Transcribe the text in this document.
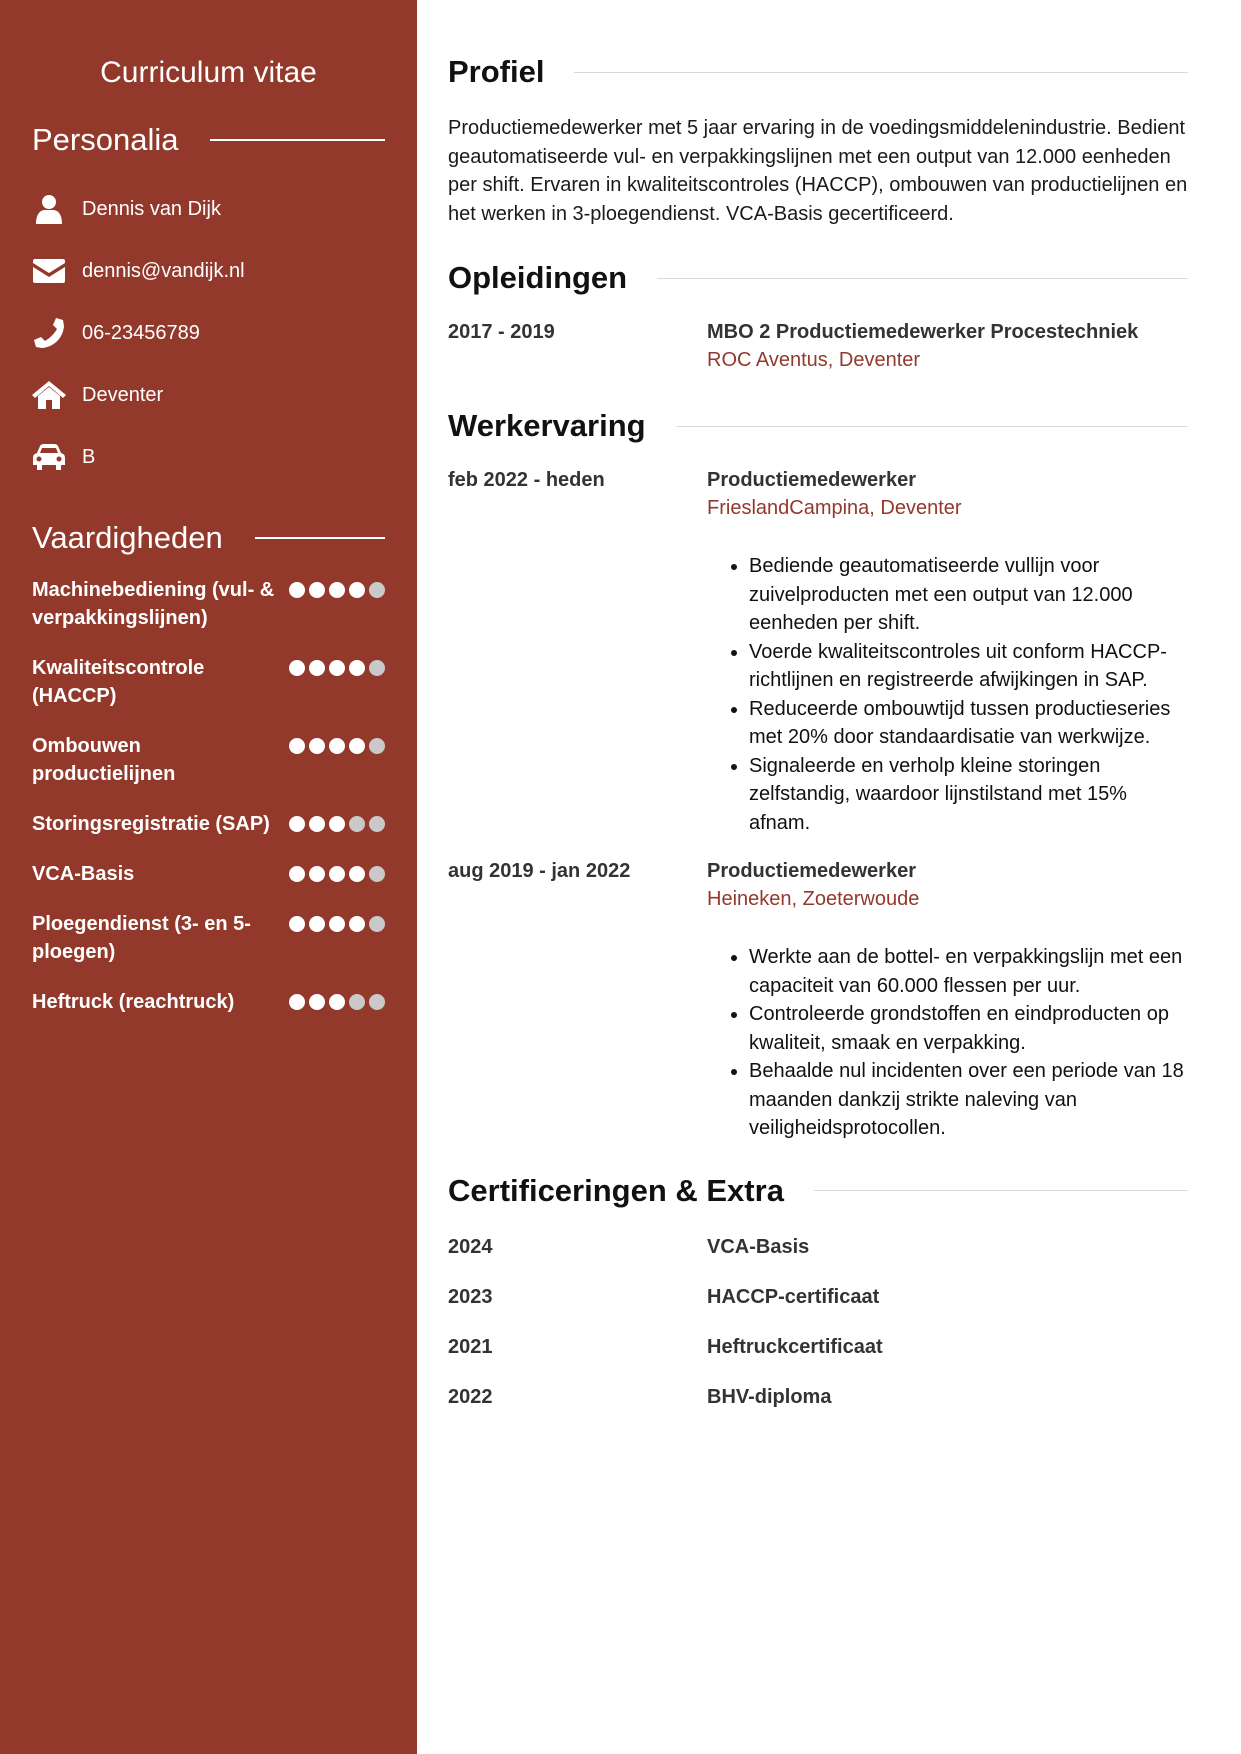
Curriculum vitae
Personalia
Dennis van Dijk
dennis@vandijk.nl
06-23456789
Deventer
B
Vaardigheden
Machinebediening (vul- & verpakkingslijnen)
Kwaliteitscontrole (HACCP)
Ombouwen productielijnen
Storingsregistratie (SAP)
VCA-Basis
Ploegendienst (3- en 5-ploegen)
Heftruck (reachtruck)
Profiel

Productiemedewerker met 5 jaar ervaring in de voedingsmiddelenindustrie. Bedient geautomatiseerde vul- en verpakkingslijnen met een output van 12.000 eenheden per shift. Ervaren in kwaliteitscontroles (HACCP), ombouwen van productielijnen en het werken in 3-ploegendienst. VCA-Basis gecertificeerd.

Opleidingen
2017 - 2019	MBO 2 Productiemedewerker Procestechniek
ROC Aventus, Deventer
Werkervaring
feb 2022 - heden	Productiemedewerker
FrieslandCampina, Deventer
• Bediende geautomatiseerde vullijn voor zuivelproducten met een output van 12.000 eenheden per shift.
• Voerde kwaliteitscontroles uit conform HACCP-richtlijnen en registreerde afwijkingen in SAP.
• Reduceerde ombouwtijd tussen productieseries met 20% door standaardisatie van werkwijze.
• Signaleerde en verholp kleine storingen zelfstandig, waardoor lijnstilstand met 15% afnam.
aug 2019 - jan 2022	Productiemedewerker
Heineken, Zoeterwoude
• Werkte aan de bottel- en verpakkingslijn met een capaciteit van 60.000 flessen per uur.
• Controleerde grondstoffen en eindproducten op kwaliteit, smaak en verpakking.
• Behaalde nul incidenten over een periode van 18 maanden dankzij strikte naleving van veiligheidsprotocollen.
Certificeringen & Extra
2024	VCA-Basis
2023	HACCP-certificaat
2021	Heftruckcertificaat
2022	BHV-diploma
